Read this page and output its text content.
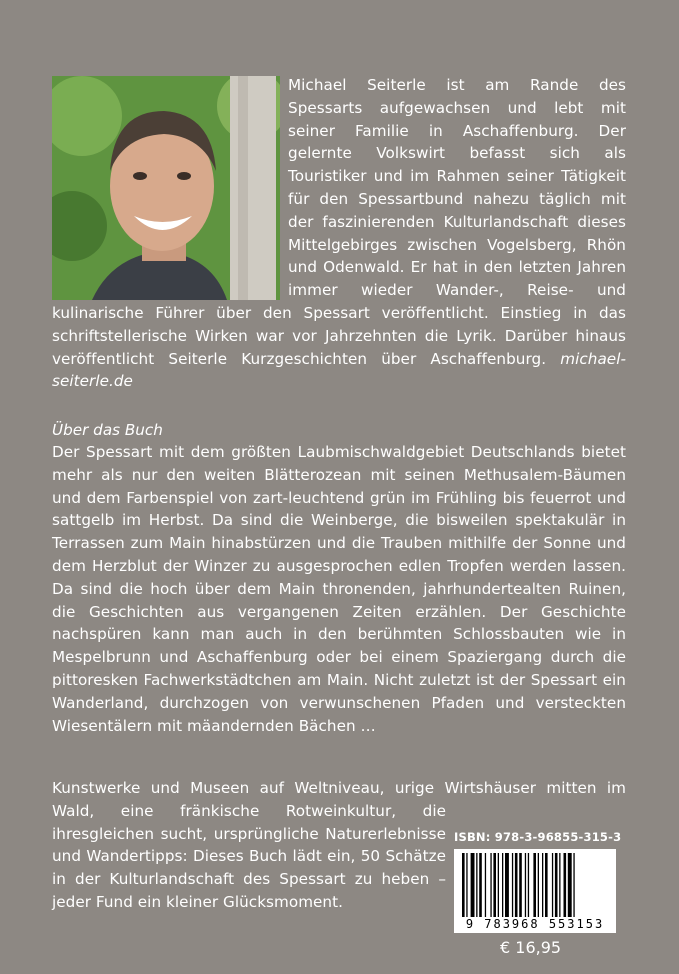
Michael Seiterle ist am Rande des Spessarts aufgewachsen und lebt mit seiner Familie in Aschaffenburg. Der gelernte Volkswirt befasst sich als Touristiker und im Rahmen seiner Tätigkeit für den Spessartbund nahezu täglich mit der faszinierenden Kulturlandschaft dieses Mittelgebirges zwischen Vogelsberg, Rhön und Odenwald. Er hat in den letzten Jahren immer wieder Wander-, Reise- und kulinarische Führer über den Spessart veröffentlicht. Einstieg in das schriftstellerische Wirken war vor Jahrzehnten die Lyrik. Darüber hinaus veröffentlicht Seiterle Kurzgeschichten über Aschaffenburg. michael-seiterle.de
Über das Buch
Der Spessart mit dem größten Laubmischwaldgebiet Deutschlands bietet mehr als nur den weiten Blätterozean mit seinen Methusalem-Bäumen und dem Farbenspiel von zart-leuchtend grün im Frühling bis feuerrot und sattgelb im Herbst. Da sind die Weinberge, die bisweilen spektakulär in Terrassen zum Main hinabstürzen und die Trauben mithilfe der Sonne und dem Herzblut der Winzer zu ausgesprochen edlen Tropfen werden lassen. Da sind die hoch über dem Main thronenden, jahrhundertealten Ruinen, die Geschichten aus vergangenen Zeiten erzählen. Der Geschichte nachspüren kann man auch in den berühmten Schlossbauten wie in Mespelbrunn und Aschaffenburg oder bei einem Spaziergang durch die pittoresken Fachwerkstädtchen am Main. Nicht zuletzt ist der Spessart ein Wanderland, durchzogen von verwunschenen Pfaden und versteckten Wiesentälern mit mäandernden Bächen …
Kunstwerke und Museen auf Weltniveau, urige Wirtshäuser mitten im Wald, eine fränkische Rotweinkultur, die ihresgleichen sucht, ursprüngliche Naturerlebnisse und Wandertipps: Dieses Buch lädt ein, 50 Schätze in der Kulturlandschaft des Spessart zu heben – jeder Fund ein kleiner Glücksmoment.
ISBN: 978-3-96855-315-3
9 783968 553153
€ 16,95
